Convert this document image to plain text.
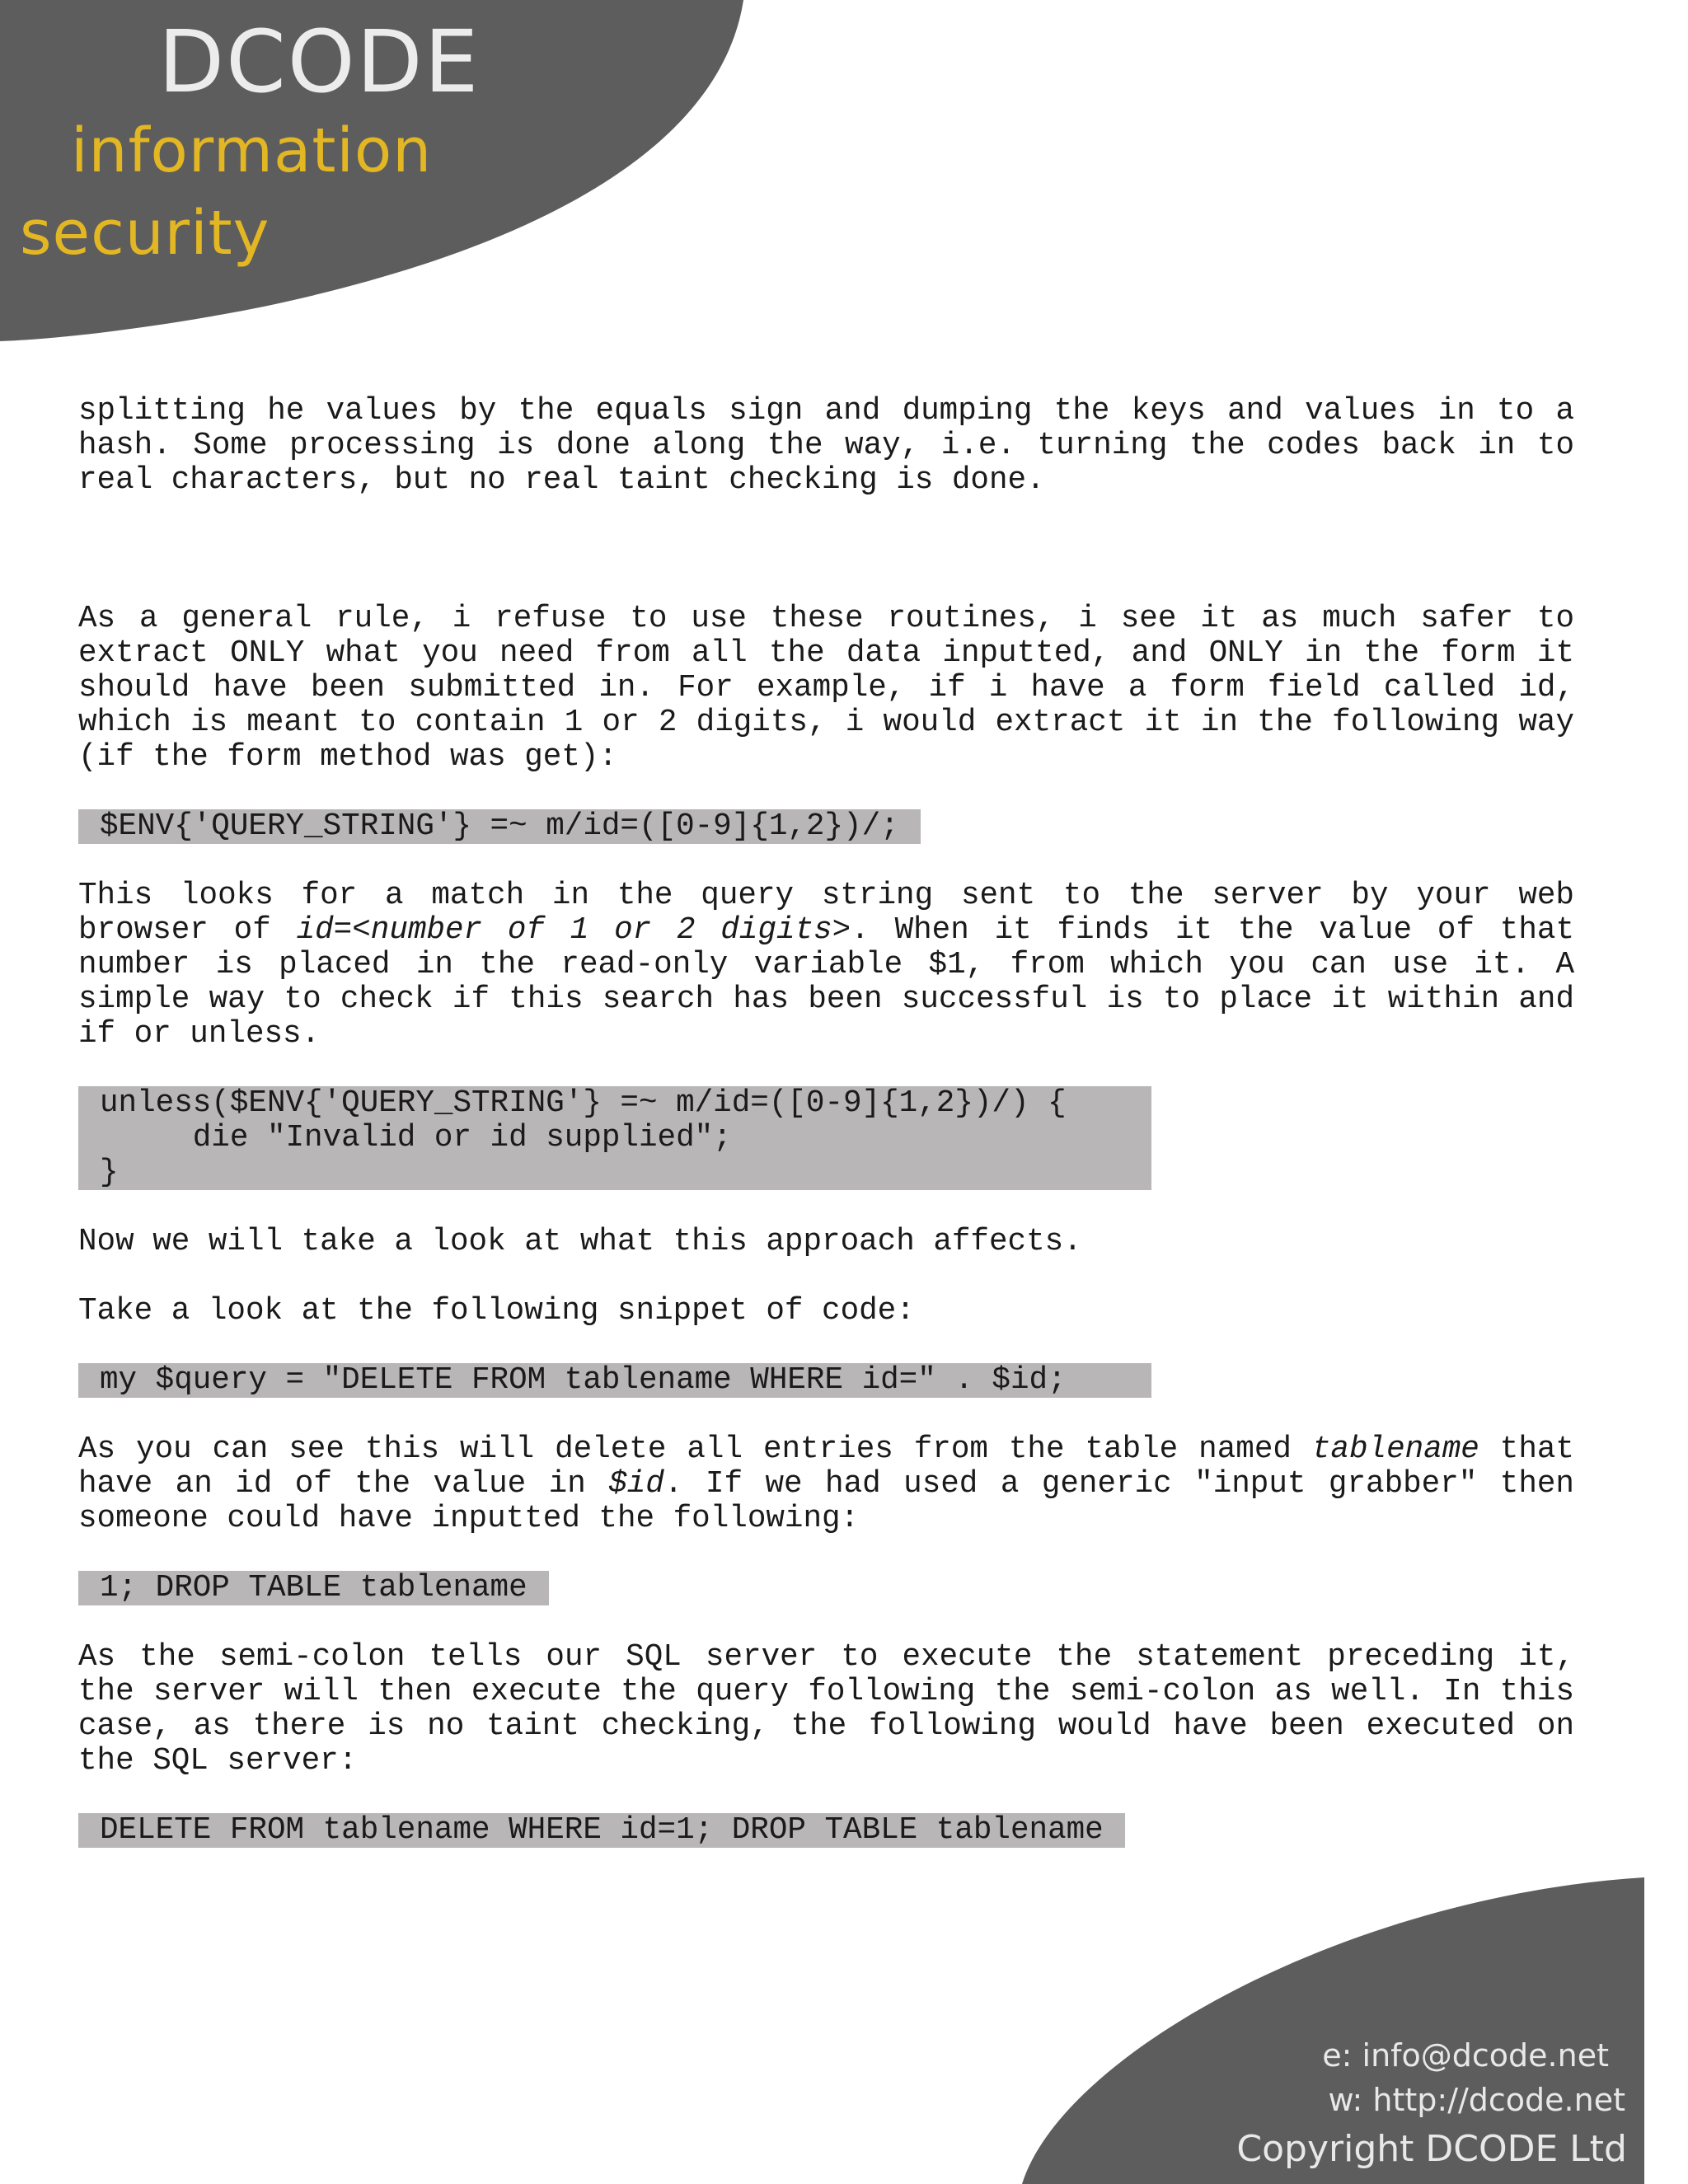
DCODE

information

security

splitting he values by the equals sign and dumping the keys and values in to a hash. Some processing is done along the way, i.e. turning the codes back in to real characters, but no real taint checking is done.

As a general rule, i refuse to use these routines, i see it as much safer to extract ONLY what you need from all the data inputted, and ONLY in the form it should have been submitted in. For example, if i have a form field called id, which is meant to contain 1 or 2 digits, i would extract it in the following way (if the form method was get):

$ENV{'QUERY_STRING'} =~ m/id=([0-9]{1,2})/;

This looks for a match in the query string sent to the server by your web browser of id=<number of 1 or 2 digits>. When it finds it the value of that number is placed in the read-only variable $1, from which you can use it. A simple way to check if this search has been successful is to place it within and if or unless.

unless($ENV{'QUERY_STRING'} =~ m/id=([0-9]{1,2})/) {
die "Invalid or id supplied";
}

Now we will take a look at what this approach affects.

Take a look at the following snippet of code:

my $query = "DELETE FROM tablename WHERE id=" . $id;

As you can see this will delete all entries from the table named tablename that have an id of the value in $id. If we had used a generic "input grabber" then someone could have inputted the following:

1; DROP TABLE tablename

As the semi-colon tells our SQL server to execute the statement preceding it, the server will then execute the query following the semi-colon as well. In this case, as there is no taint checking, the following would have been executed on the SQL server:

DELETE FROM tablename WHERE id=1; DROP TABLE tablename

e: info@dcode.net

w: http://dcode.net

Copyright DCODE Ltd
